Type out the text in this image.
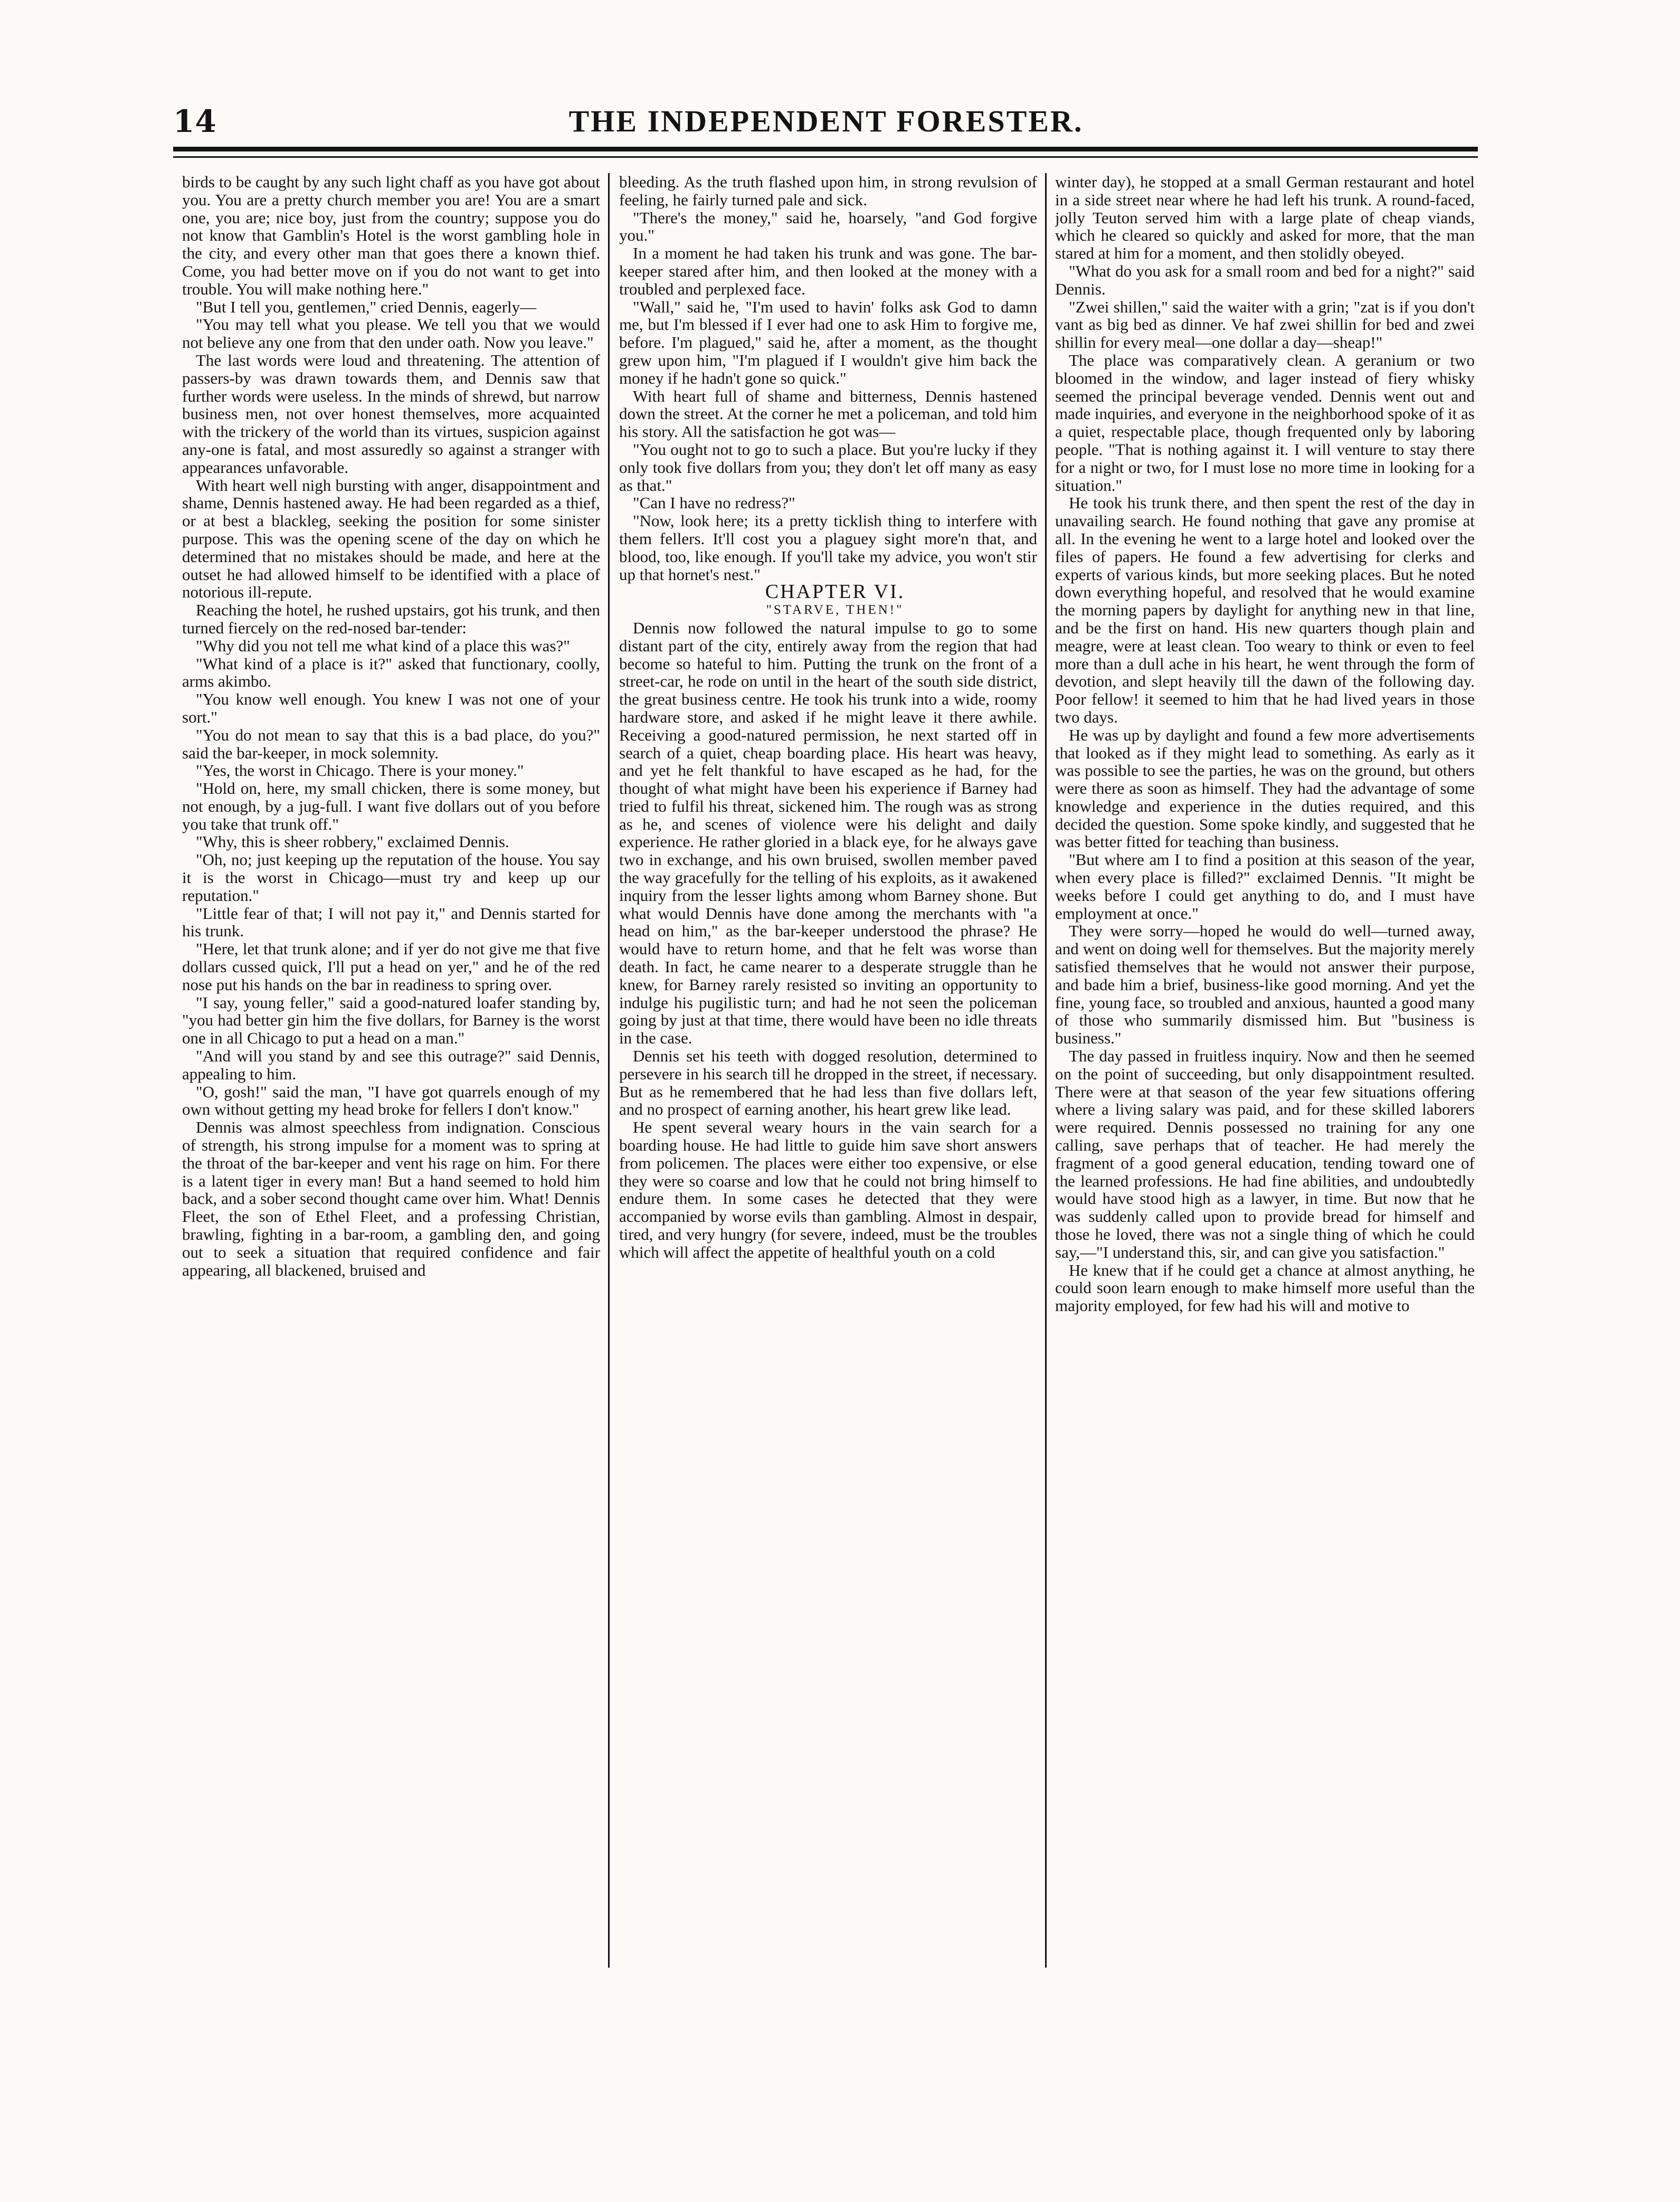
14	THE INDEPENDENT FORESTER.

birds to be caught by any such light chaff as you have got about you. You are a pretty church member you are! You are a smart one, you are; nice boy, just from the country; suppose you do not know that Gamblin's Hotel is the worst gambling hole in the city, and every other man that goes there a known thief. Come, you had better move on if you do not want to get into trouble. You will make nothing here."

"But I tell you, gentlemen," cried Dennis, eagerly—

"You may tell what you please. We tell you that we would not believe any one from that den under oath. Now you leave."

The last words were loud and threatening. The attention of passers-by was drawn towards them, and Dennis saw that further words were useless. In the minds of shrewd, but narrow business men, not over honest themselves, more acquainted with the trickery of the world than its virtues, suspicion against any-one is fatal, and most assuredly so against a stranger with appearances unfavorable.

With heart well nigh bursting with anger, disappointment and shame, Dennis hastened away. He had been regarded as a thief, or at best a blackleg, seeking the position for some sinister purpose. This was the opening scene of the day on which he determined that no mistakes should be made, and here at the outset he had allowed himself to be identified with a place of notorious ill-repute.

Reaching the hotel, he rushed upstairs, got his trunk, and then turned fiercely on the red-nosed bar-tender:

"Why did you not tell me what kind of a place this was?"

"What kind of a place is it?" asked that functionary, coolly, arms akimbo.

"You know well enough. You knew I was not one of your sort."

"You do not mean to say that this is a bad place, do you?" said the bar-keeper, in mock solemnity.

"Yes, the worst in Chicago. There is your money."

"Hold on, here, my small chicken, there is some money, but not enough, by a jug-full. I want five dollars out of you before you take that trunk off."

"Why, this is sheer robbery," exclaimed Dennis.

"Oh, no; just keeping up the reputation of the house. You say it is the worst in Chicago—must try and keep up our reputation."

"Little fear of that; I will not pay it," and Dennis started for his trunk.

"Here, let that trunk alone; and if yer do not give me that five dollars cussed quick, I'll put a head on yer," and he of the red nose put his hands on the bar in readiness to spring over.

"I say, young feller," said a good-natured loafer standing by, "you had better gin him the five dollars, for Barney is the worst one in all Chicago to put a head on a man."

"And will you stand by and see this outrage?" said Dennis, appealing to him.

"O, gosh!" said the man, "I have got quarrels enough of my own without getting my head broke for fellers I don't know."

Dennis was almost speechless from indignation. Conscious of strength, his strong impulse for a moment was to spring at the throat of the bar-keeper and vent his rage on him. For there is a latent tiger in every man! But a hand seemed to hold him back, and a sober second thought came over him. What! Dennis Fleet, the son of Ethel Fleet, and a professing Christian, brawling, fighting in a bar-room, a gambling den, and going out to seek a situation that required confidence and fair appearing, all blackened, bruised and

bleeding. As the truth flashed upon him, in strong revulsion of feeling, he fairly turned pale and sick.

"There's the money," said he, hoarsely, "and God forgive you."

In a moment he had taken his trunk and was gone. The bar-keeper stared after him, and then looked at the money with a troubled and perplexed face.

"Wall," said he, "I'm used to havin' folks ask God to damn me, but I'm blessed if I ever had one to ask Him to forgive me, before. I'm plagued," said he, after a moment, as the thought grew upon him, "I'm plagued if I wouldn't give him back the money if he hadn't gone so quick."

With heart full of shame and bitterness, Dennis hastened down the street. At the corner he met a policeman, and told him his story. All the satisfaction he got was—

"You ought not to go to such a place. But you're lucky if they only took five dollars from you; they don't let off many as easy as that."

"Can I have no redress?"

"Now, look here; its a pretty ticklish thing to interfere with them fellers. It'll cost you a plaguey sight more'n that, and blood, too, like enough. If you'll take my advice, you won't stir up that hornet's nest."

CHAPTER VI.

"STARVE, THEN!"

Dennis now followed the natural impulse to go to some distant part of the city, entirely away from the region that had become so hateful to him. Putting the trunk on the front of a street-car, he rode on until in the heart of the south side district, the great business centre. He took his trunk into a wide, roomy hardware store, and asked if he might leave it there awhile. Receiving a good-natured permission, he next started off in search of a quiet, cheap boarding place. His heart was heavy, and yet he felt thankful to have escaped as he had, for the thought of what might have been his experience if Barney had tried to fulfil his threat, sickened him. The rough was as strong as he, and scenes of violence were his delight and daily experience. He rather gloried in a black eye, for he always gave two in exchange, and his own bruised, swollen member paved the way gracefully for the telling of his exploits, as it awakened inquiry from the lesser lights among whom Barney shone. But what would Dennis have done among the merchants with "a head on him," as the bar-keeper understood the phrase? He would have to return home, and that he felt was worse than death. In fact, he came nearer to a desperate struggle than he knew, for Barney rarely resisted so inviting an opportunity to indulge his pugilistic turn; and had he not seen the policeman going by just at that time, there would have been no idle threats in the case.

Dennis set his teeth with dogged resolution, determined to persevere in his search till he dropped in the street, if necessary. But as he remembered that he had less than five dollars left, and no prospect of earning another, his heart grew like lead.

He spent several weary hours in the vain search for a boarding house. He had little to guide him save short answers from policemen. The places were either too expensive, or else they were so coarse and low that he could not bring himself to endure them. In some cases he detected that they were accompanied by worse evils than gambling. Almost in despair, tired, and very hungry (for severe, indeed, must be the troubles which will affect the appetite of healthful youth on a cold

winter day), he stopped at a small German restaurant and hotel in a side street near where he had left his trunk. A round-faced, jolly Teuton served him with a large plate of cheap viands, which he cleared so quickly and asked for more, that the man stared at him for a moment, and then stolidly obeyed.

"What do you ask for a small room and bed for a night?" said Dennis.

"Zwei shillen," said the waiter with a grin; "zat is if you don't vant as big bed as dinner. Ve haf zwei shillin for bed and zwei shillin for every meal—one dollar a day—sheap!"

The place was comparatively clean. A geranium or two bloomed in the window, and lager instead of fiery whisky seemed the principal beverage vended. Dennis went out and made inquiries, and everyone in the neighborhood spoke of it as a quiet, respectable place, though frequented only by laboring people. "That is nothing against it. I will venture to stay there for a night or two, for I must lose no more time in looking for a situation."

He took his trunk there, and then spent the rest of the day in unavailing search. He found nothing that gave any promise at all. In the evening he went to a large hotel and looked over the files of papers. He found a few advertising for clerks and experts of various kinds, but more seeking places. But he noted down everything hopeful, and resolved that he would examine the morning papers by daylight for anything new in that line, and be the first on hand. His new quarters though plain and meagre, were at least clean. Too weary to think or even to feel more than a dull ache in his heart, he went through the form of devotion, and slept heavily till the dawn of the following day. Poor fellow! it seemed to him that he had lived years in those two days.

He was up by daylight and found a few more advertisements that looked as if they might lead to something. As early as it was possible to see the parties, he was on the ground, but others were there as soon as himself. They had the advantage of some knowledge and experience in the duties required, and this decided the question. Some spoke kindly, and suggested that he was better fitted for teaching than business.

"But where am I to find a position at this season of the year, when every place is filled?" exclaimed Dennis. "It might be weeks before I could get anything to do, and I must have employment at once."

They were sorry—hoped he would do well—turned away, and went on doing well for themselves. But the majority merely satisfied themselves that he would not answer their purpose, and bade him a brief, business-like good morning. And yet the fine, young face, so troubled and anxious, haunted a good many of those who summarily dismissed him. But "business is business."

The day passed in fruitless inquiry. Now and then he seemed on the point of succeeding, but only disappointment resulted. There were at that season of the year few situations offering where a living salary was paid, and for these skilled laborers were required. Dennis possessed no training for any one calling, save perhaps that of teacher. He had merely the fragment of a good general education, tending toward one of the learned professions. He had fine abilities, and undoubtedly would have stood high as a lawyer, in time. But now that he was suddenly called upon to provide bread for himself and those he loved, there was not a single thing of which he could say,—"I understand this, sir, and can give you satisfaction."

He knew that if he could get a chance at almost anything, he could soon learn enough to make himself more useful than the majority employed, for few had his will and motive to
